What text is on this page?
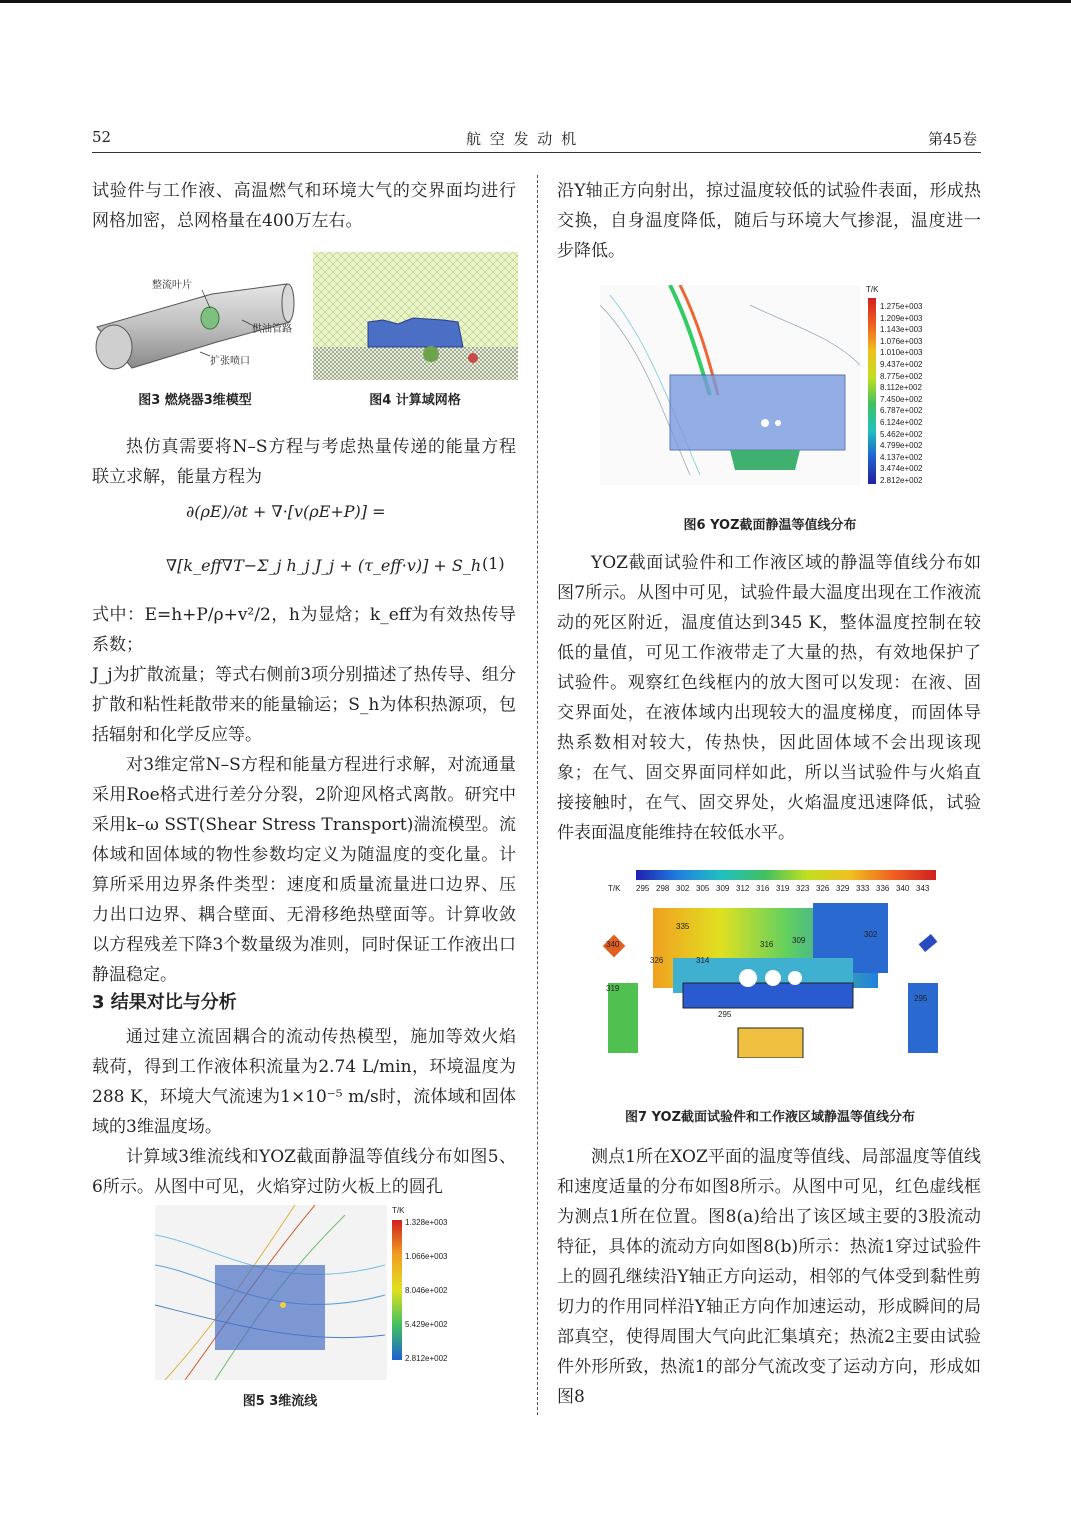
52	航 空 发 动 机	第45卷

试验件与工作液、高温燃气和环境大气的交界面均进行网格加密，总网格量在400万左右。

整流叶片
供油管路
扩张喷口
图3 燃烧器3维模型	图4 计算域网格

热仿真需要将N–S方程与考虑热量传递的能量方程联立求解，能量方程为

∂(ρE)/∂t + ∇·[v(ρE+P)] =
∇[k_eff∇T−Σ_j h_j J_j + (τ_eff·v)] + S_h (1)

式中：E=h+P/ρ+v²/2，h为显焓；k_eff为有效热传导系数；

J_j为扩散流量；等式右侧前3项分别描述了热传导、组分扩散和粘性耗散带来的能量输运；S_h为体积热源项，包括辐射和化学反应等。

对3维定常N–S方程和能量方程进行求解，对流通量采用Roe格式进行差分分裂，2阶迎风格式离散。研究中采用k–ω SST(Shear Stress Transport)湍流模型。流体域和固体域的物性参数均定义为随温度的变化量。计算所采用边界条件类型：速度和质量流量进口边界、压力出口边界、耦合壁面、无滑移绝热壁面等。计算收敛以方程残差下降3个数量级为准则，同时保证工作液出口静温稳定。

3 结果对比与分析

通过建立流固耦合的流动传热模型，施加等效火焰载荷，得到工作液体积流量为2.74 L/min，环境温度为288 K，环境大气流速为1×10⁻⁵ m/s时，流体域和固体域的3维温度场。

计算域3维流线和YOZ截面静温等值线分布如图5、6所示。从图中可见，火焰穿过防火板上的圆孔

T/K
1.328e+003
1.066e+003
8.046e+002
5.429e+002
2.812e+002
图5 3维流线

沿Y轴正方向射出，掠过温度较低的试验件表面，形成热交换，自身温度降低，随后与环境大气掺混，温度进一步降低。

T/K
1.275e+003
1.209e+003
1.143e+003
1.076e+003
1.010e+003
9.437e+002
8.775e+002
8.112e+002
7.450e+002
6.787e+002
6.124e+002
5.462e+002
4.799e+002
4.137e+002
3.474e+002
2.812e+002
图6 YOZ截面静温等值线分布

YOZ截面试验件和工作液区域的静温等值线分布如图7所示。从图中可见，试验件最大温度出现在工作液流动的死区附近，温度值达到345 K，整体温度控制在较低的量值，可见工作液带走了大量的热，有效地保护了试验件。观察红色线框内的放大图可以发现：在液、固交界面处，在液体域内出现较大的温度梯度，而固体导热系数相对较大，传热快，因此固体域不会出现该现象；在气、固交界面同样如此，所以当试验件与火焰直接接触时，在气、固交界处，火焰温度迅速降低，试验件表面温度能维持在较低水平。

T/K 295 298 302 305 309 312 316 319 323 326 329 333 336 340 343
335
340
326	314
316 309
302
319
295
295
图7 YOZ截面试验件和工作液区域静温等值线分布

测点1所在XOZ平面的温度等值线、局部温度等值线和速度适量的分布如图8所示。从图中可见，红色虚线框为测点1所在位置。图8(a)给出了该区域主要的3股流动特征，具体的流动方向如图8(b)所示：热流1穿过试验件上的圆孔继续沿Y轴正方向运动，相邻的气体受到黏性剪切力的作用同样沿Y轴正方向作加速运动，形成瞬间的局部真空，使得周围大气向此汇集填充；热流2主要由试验件外形所致，热流1的部分气流改变了运动方向，形成如图8
